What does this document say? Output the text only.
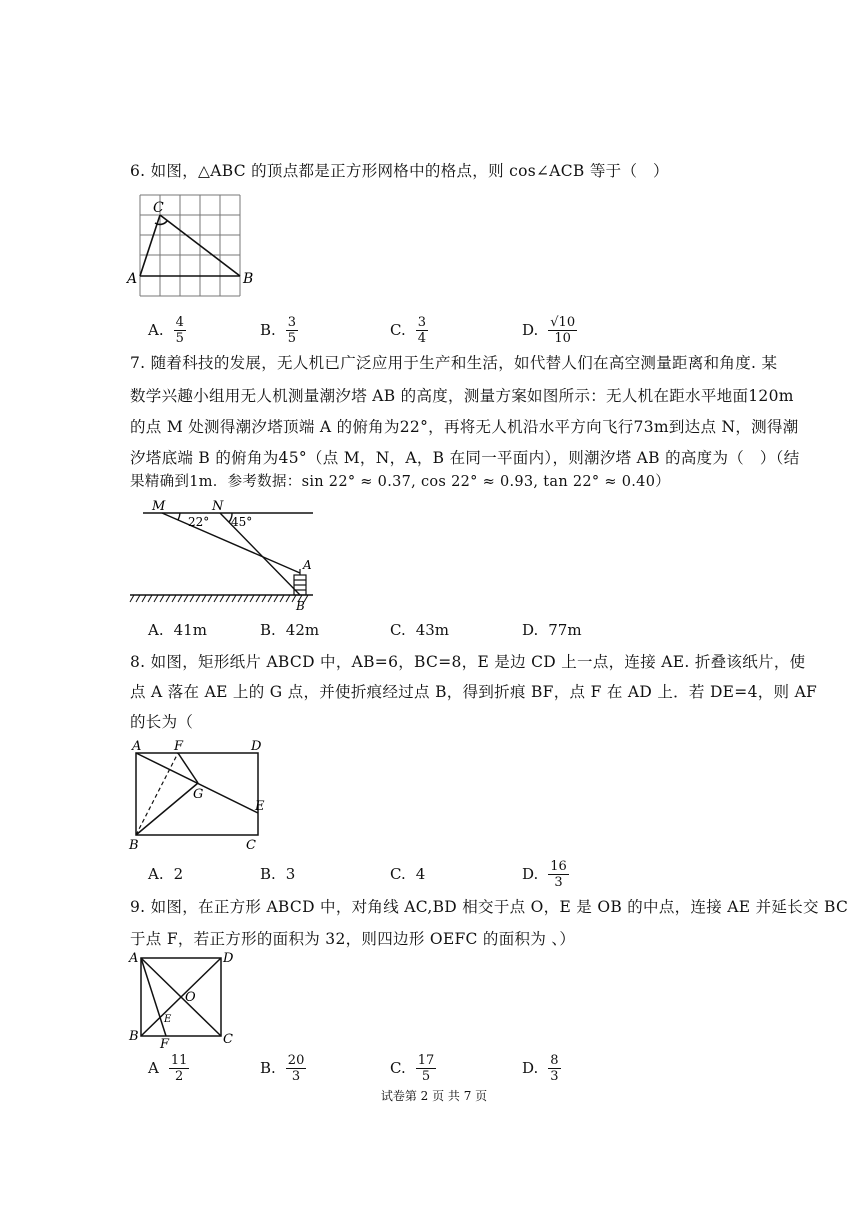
6. 如图，△ABC 的顶点都是正方形网格中的格点，则 cos∠ACB 等于（　）
C
A	B
A. $\frac{4}{5}$	B. $\frac{3}{5}$	C. $\frac{3}{4}$	D. $\frac{√10}{10}$
7. 随着科技的发展，无人机已广泛应用于生产和生活，如代替人们在高空测量距离和角度. 某
数学兴趣小组用无人机测量潮汐塔 AB 的高度，测量方案如图所示：无人机在距水平地面120m
的点 M 处测得潮汐塔顶端 A 的俯角为22°，再将无人机沿水平方向飞行73m到达点 N，测得潮
汐塔底端 B 的俯角为45°（点 M，N，A，B 在同一平面内），则潮汐塔 AB 的高度为（　）（结
果精确到1m．参考数据：sin 22° ≈ 0.37, cos 22° ≈ 0.93, tan 22° ≈ 0.40）
M	N
22° 45°
A
B
A. 41m	B. 42m	C. 43m	D. 77m
8. 如图，矩形纸片 ABCD 中，AB=6，BC=8，E 是边 CD 上一点，连接 AE. 折叠该纸片，使
点 A 落在 AE 上的 G 点，并使折痕经过点 B，得到折痕 BF，点 F 在 AD 上．若 DE=4，则 AF
的长为（
A	F	D
G
E
B	C
A. 2	B. 3	C. 4	D. $\frac{16}{3}$
9. 如图，在正方形 ABCD 中，对角线 AC,BD 相交于点 O，E 是 OB 的中点，连接 AE 并延长交 BC
于点 F，若正方形的面积为 32，则四边形 OEFC 的面积为 、）
A	D
O
E
B	C
F
A $\frac{11}{2}$	B. $\frac{20}{3}$	C. $\frac{17}{5}$	D. $\frac{8}{3}$
试卷第 2 页 共 7 页
